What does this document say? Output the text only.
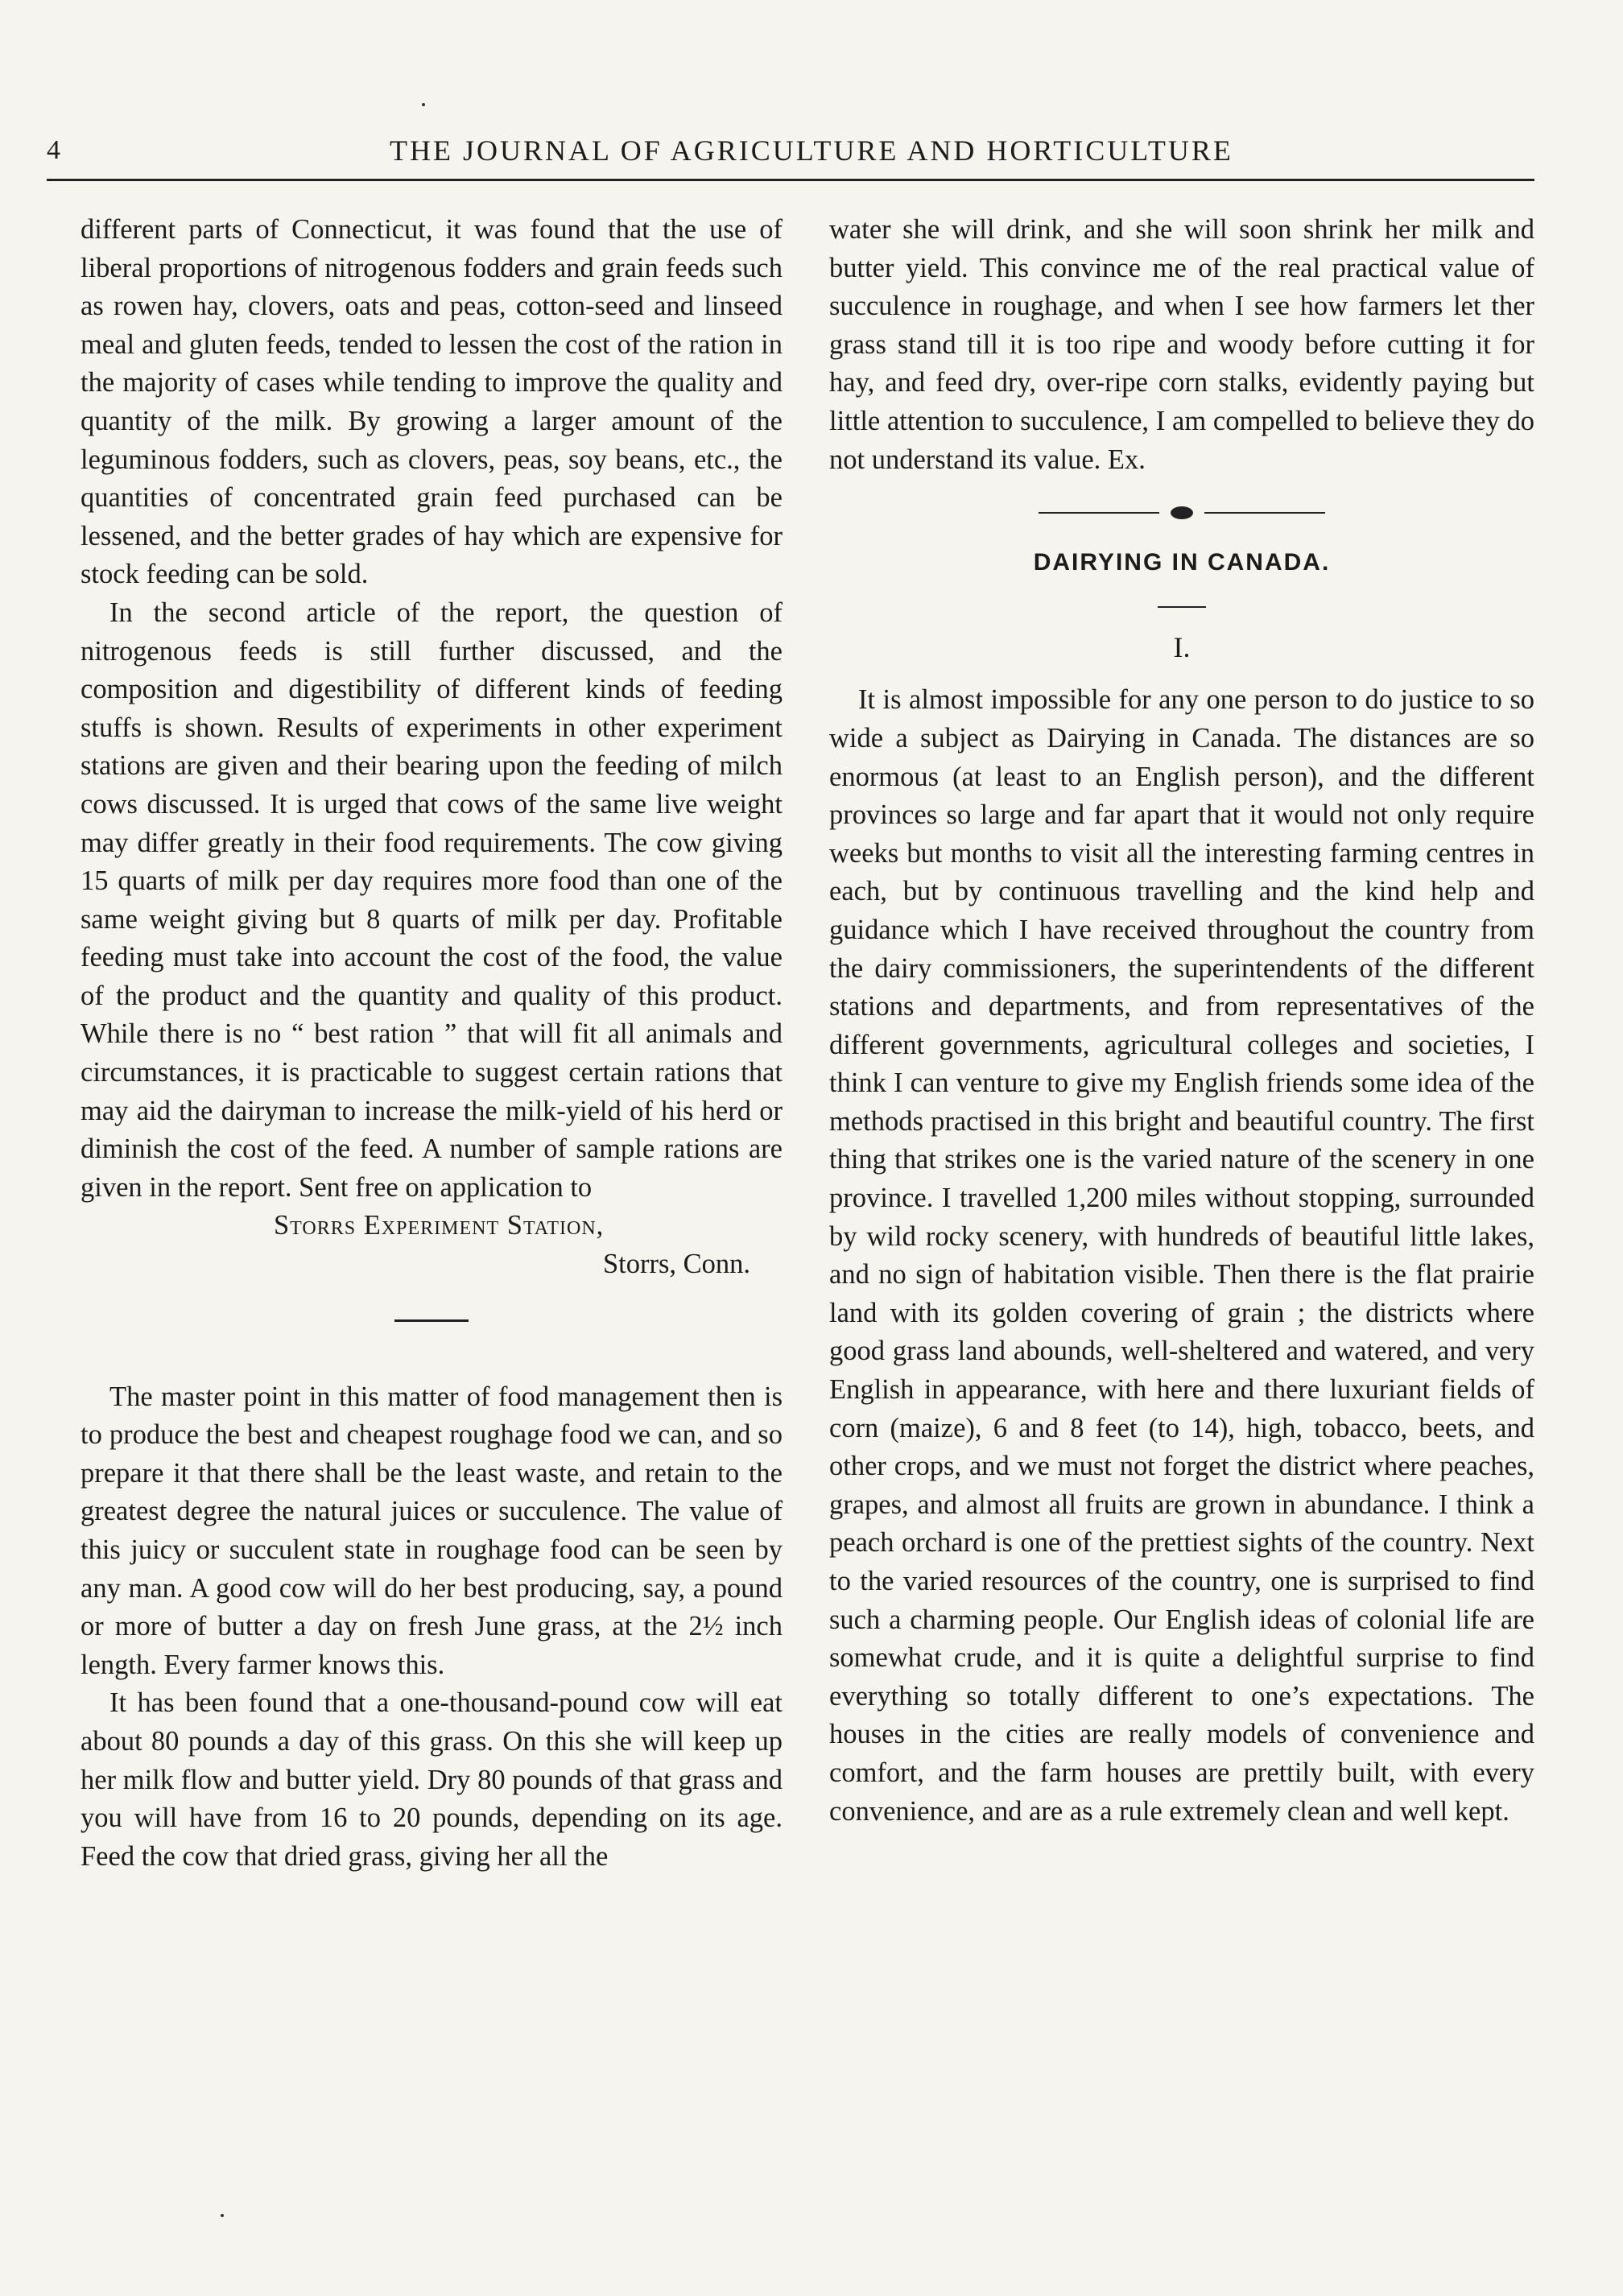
4	THE JOURNAL OF AGRICULTURE AND HORTICULTURE

different parts of Connecticut, it was found that the use of liberal proportions of nitrogenous fodders and grain feeds such as rowen hay, clovers, oats and peas, cotton-seed and linseed meal and gluten feeds, tended to lessen the cost of the ration in the majority of cases while tending to improve the quality and quantity of the milk. By growing a larger amount of the leguminous fodders, such as clovers, peas, soy beans, etc., the quantities of concentrated grain feed purchased can be lessened, and the better grades of hay which are expensive for stock feeding can be sold.

In the second article of the report, the question of nitrogenous feeds is still further discussed, and the composition and digestibility of different kinds of feeding stuffs is shown. Results of experiments in other experiment stations are given and their bearing upon the feeding of milch cows discussed. It is urged that cows of the same live weight may differ greatly in their food requirements. The cow giving 15 quarts of milk per day requires more food than one of the same weight giving but 8 quarts of milk per day. Profitable feeding must take into account the cost of the food, the value of the product and the quantity and quality of this product. While there is no “ best ration ” that will fit all animals and circumstances, it is practicable to suggest certain rations that may aid the dairyman to increase the milk-yield of his herd or diminish the cost of the feed. A number of sample rations are given in the report. Sent free on application to

Storrs Experiment Station,
Storrs, Conn.

The master point in this matter of food management then is to produce the best and cheapest roughage food we can, and so prepare it that there shall be the least waste, and retain to the greatest degree the natural juices or succulence. The value of this juicy or succulent state in roughage food can be seen by any man. A good cow will do her best producing, say, a pound or more of butter a day on fresh June grass, at the 2½ inch length. Every farmer knows this.

It has been found that a one-thousand-pound cow will eat about 80 pounds a day of this grass. On this she will keep up her milk flow and butter yield. Dry 80 pounds of that grass and you will have from 16 to 20 pounds, depending on its age. Feed the cow that dried grass, giving her all the

water she will drink, and she will soon shrink her milk and butter yield. This convince me of the real practical value of succulence in roughage, and when I see how farmers let ther grass stand till it is too ripe and woody before cutting it for hay, and feed dry, over-ripe corn stalks, evidently paying but little attention to succulence, I am compelled to believe they do not understand its value. Ex.

DAIRYING IN CANADA.
I.

It is almost impossible for any one person to do justice to so wide a subject as Dairying in Canada. The distances are so enormous (at least to an English person), and the different provinces so large and far apart that it would not only require weeks but months to visit all the interesting farming centres in each, but by continuous travelling and the kind help and guidance which I have received throughout the country from the dairy commissioners, the superintendents of the different stations and departments, and from representatives of the different governments, agricultural colleges and societies, I think I can venture to give my English friends some idea of the methods practised in this bright and beautiful country. The first thing that strikes one is the varied nature of the scenery in one province. I travelled 1,200 miles without stopping, surrounded by wild rocky scenery, with hundreds of beautiful little lakes, and no sign of habitation visible. Then there is the flat prairie land with its golden covering of grain ; the districts where good grass land abounds, well-sheltered and watered, and very English in appearance, with here and there luxuriant fields of corn (maize), 6 and 8 feet (to 14), high, tobacco, beets, and other crops, and we must not forget the district where peaches, grapes, and almost all fruits are grown in abundance. I think a peach orchard is one of the prettiest sights of the country. Next to the varied resources of the country, one is surprised to find such a charming people. Our English ideas of colonial life are somewhat crude, and it is quite a delightful surprise to find everything so totally different to one’s expectations. The houses in the cities are really models of convenience and comfort, and the farm houses are prettily built, with every convenience, and are as a rule extremely clean and well kept.
